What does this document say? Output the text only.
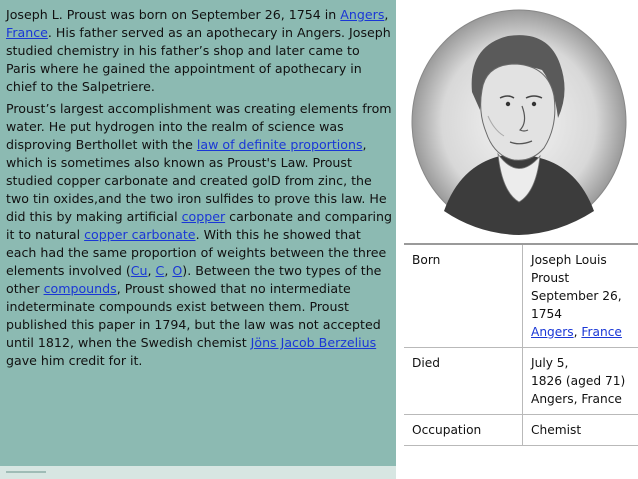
Joseph L. Proust was born on September 26, 1754 in Angers, France. His father served as an apothecary in Angers. Joseph studied chemistry in his father’s shop and later came to Paris where he gained the appointment of apothecary in chief to the Salpetriere.

Proust’s largest accomplishment was creating elements from water. He put hydrogen into the realm of science was disproving Berthollet with the law of definite proportions, which is sometimes also known as Proust's Law. Proust studied copper carbonate and created golD from zinc, the two tin oxides,and the two iron sulfides to prove this law. He did this by making artificial copper carbonate and comparing it to natural copper carbonate. With this he showed that each had the same proportion of weights between the three elements involved (Cu, C, O). Between the two types of the other compounds, Proust showed that no intermediate indeterminate compounds exist between them. Proust published this paper in 1794, but the law was not accepted until 1812, when the Swedish chemist Jöns Jacob Berzelius gave him credit for it.

Born	Joseph Louis Proust
September 26, 1754
Angers, France

Died	July 5,
1826 (aged 71)
Angers, France
Occupation	Chemist
